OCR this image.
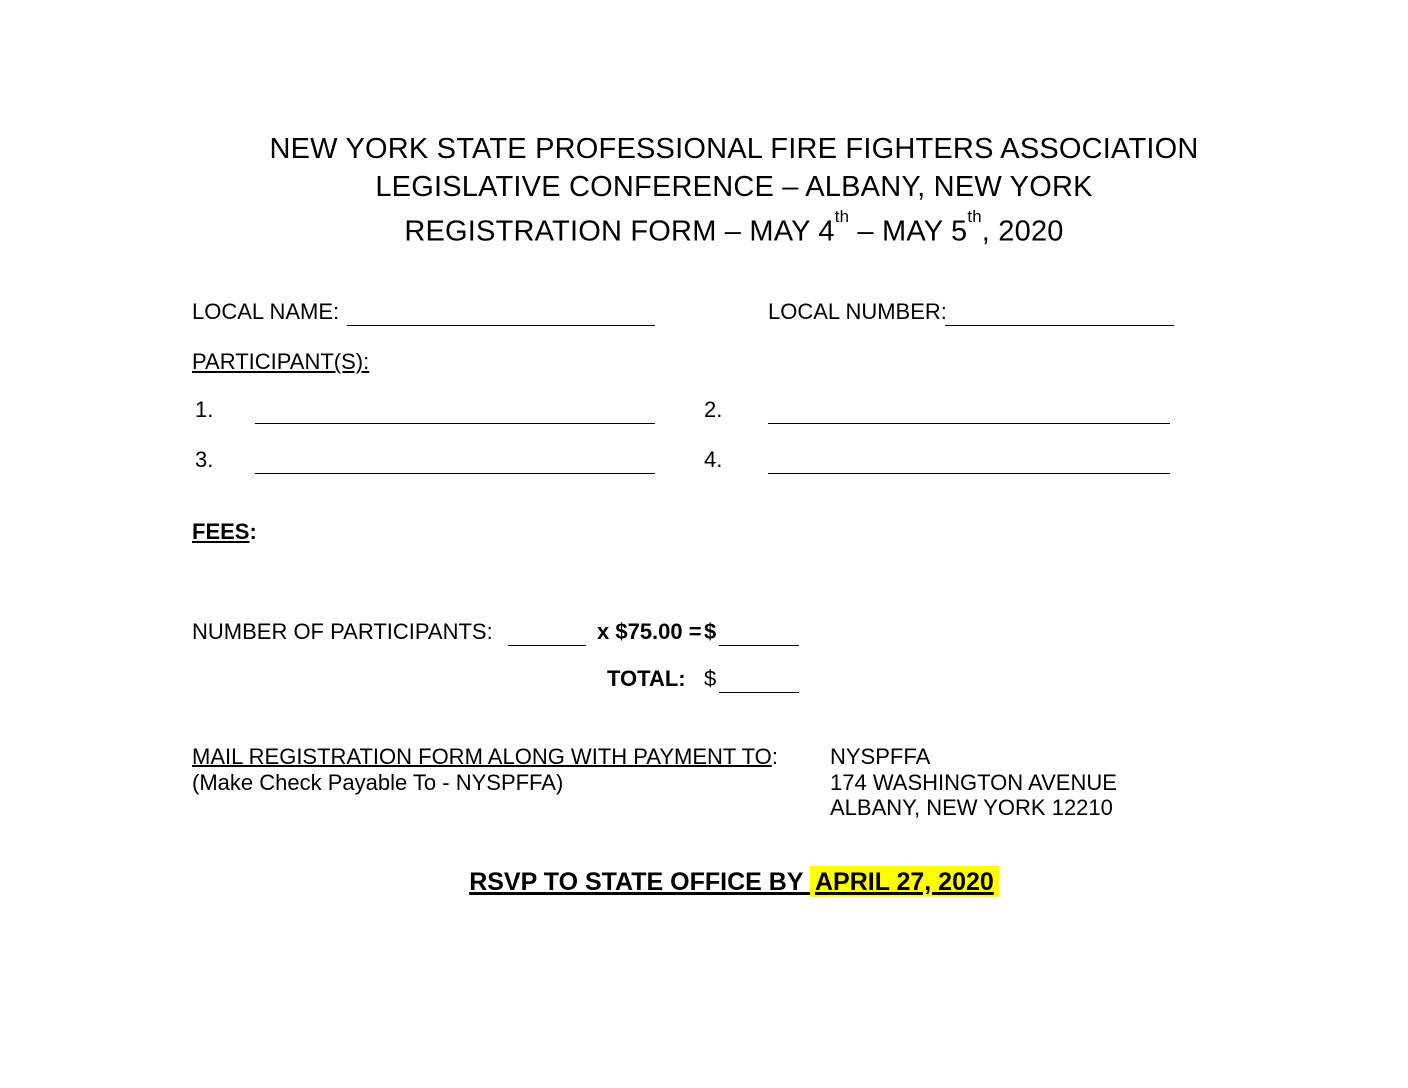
NEW YORK STATE PROFESSIONAL FIRE FIGHTERS ASSOCIATION
LEGISLATIVE CONFERENCE – ALBANY, NEW YORK
REGISTRATION FORM – MAY 4th – MAY 5th, 2020
LOCAL NAME:	LOCAL NUMBER:
PARTICIPANT(S):
1.	2.
3.	4.
FEES:
NUMBER OF PARTICIPANTS:	x $75.00 = $
TOTAL: $
MAIL REGISTRATION FORM ALONG WITH PAYMENT TO:
(Make Check Payable To - NYSPFFA)
NYSPFFA
174 WASHINGTON AVENUE
ALBANY, NEW YORK 12210
RSVP TO STATE OFFICE BY APRIL 27, 2020
